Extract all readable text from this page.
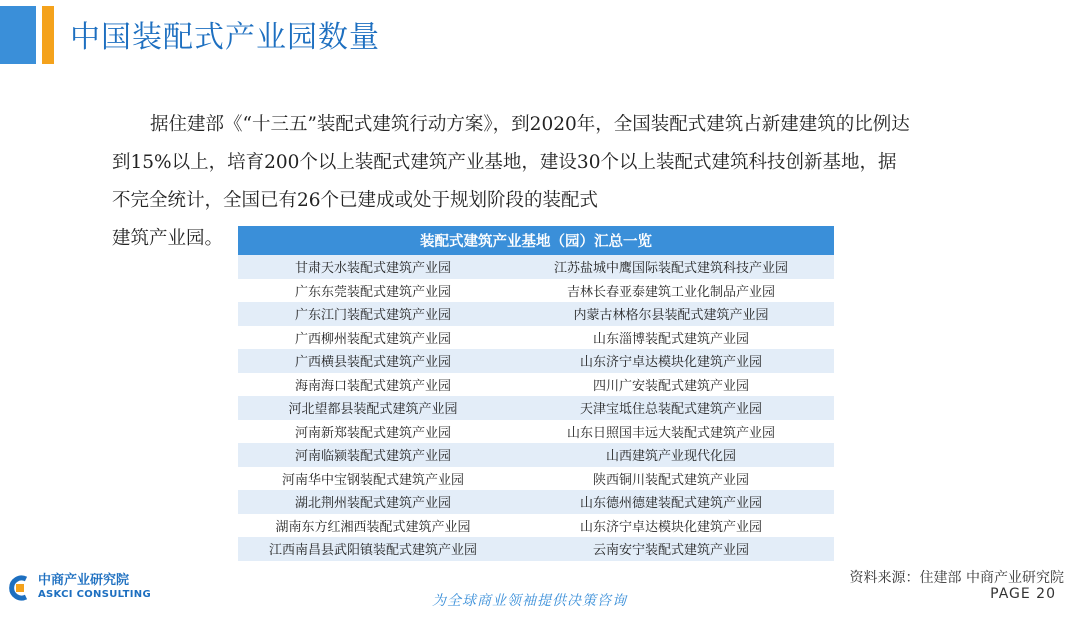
中国装配式产业园数量
据住建部《“十三五”装配式建筑行动方案》，到2020年，全国装配式建筑占新建建筑的比例达到15%以上，培育200个以上装配式建筑产业基地，建设30个以上装配式建筑科技创新基地，据不完全统计，全国已有26个已建成或处于规划阶段的装配式
建筑产业园。	装配式建筑产业基地（园）汇总一览
甘肃天水装配式建筑产业园	江苏盐城中鹰国际装配式建筑科技产业园
广东东莞装配式建筑产业园	吉林长春亚泰建筑工业化制品产业园
广东江门装配式建筑产业园	内蒙古林格尔县装配式建筑产业园
广西柳州装配式建筑产业园	山东淄博装配式建筑产业园
广西横县装配式建筑产业园	山东济宁卓达模块化建筑产业园
海南海口装配式建筑产业园	四川广安装配式建筑产业园
河北望都县装配式建筑产业园	天津宝坻住总装配式建筑产业园
河南新郑装配式建筑产业园	山东日照国丰远大装配式建筑产业园
河南临颍装配式建筑产业园	山西建筑产业现代化园
河南华中宝钢装配式建筑产业园	陕西铜川装配式建筑产业园
湖北荆州装配式建筑产业园	山东德州德建装配式建筑产业园
湖南东方红湘西装配式建筑产业园	山东济宁卓达模块化建筑产业园
江西南昌县武阳镇装配式建筑产业园	云南安宁装配式建筑产业园
中商产业研究院
ASKCI CONSULTING	为全球商业领袖提供决策咨询
资料来源：住建部 中商产业研究院
PAGE 20
